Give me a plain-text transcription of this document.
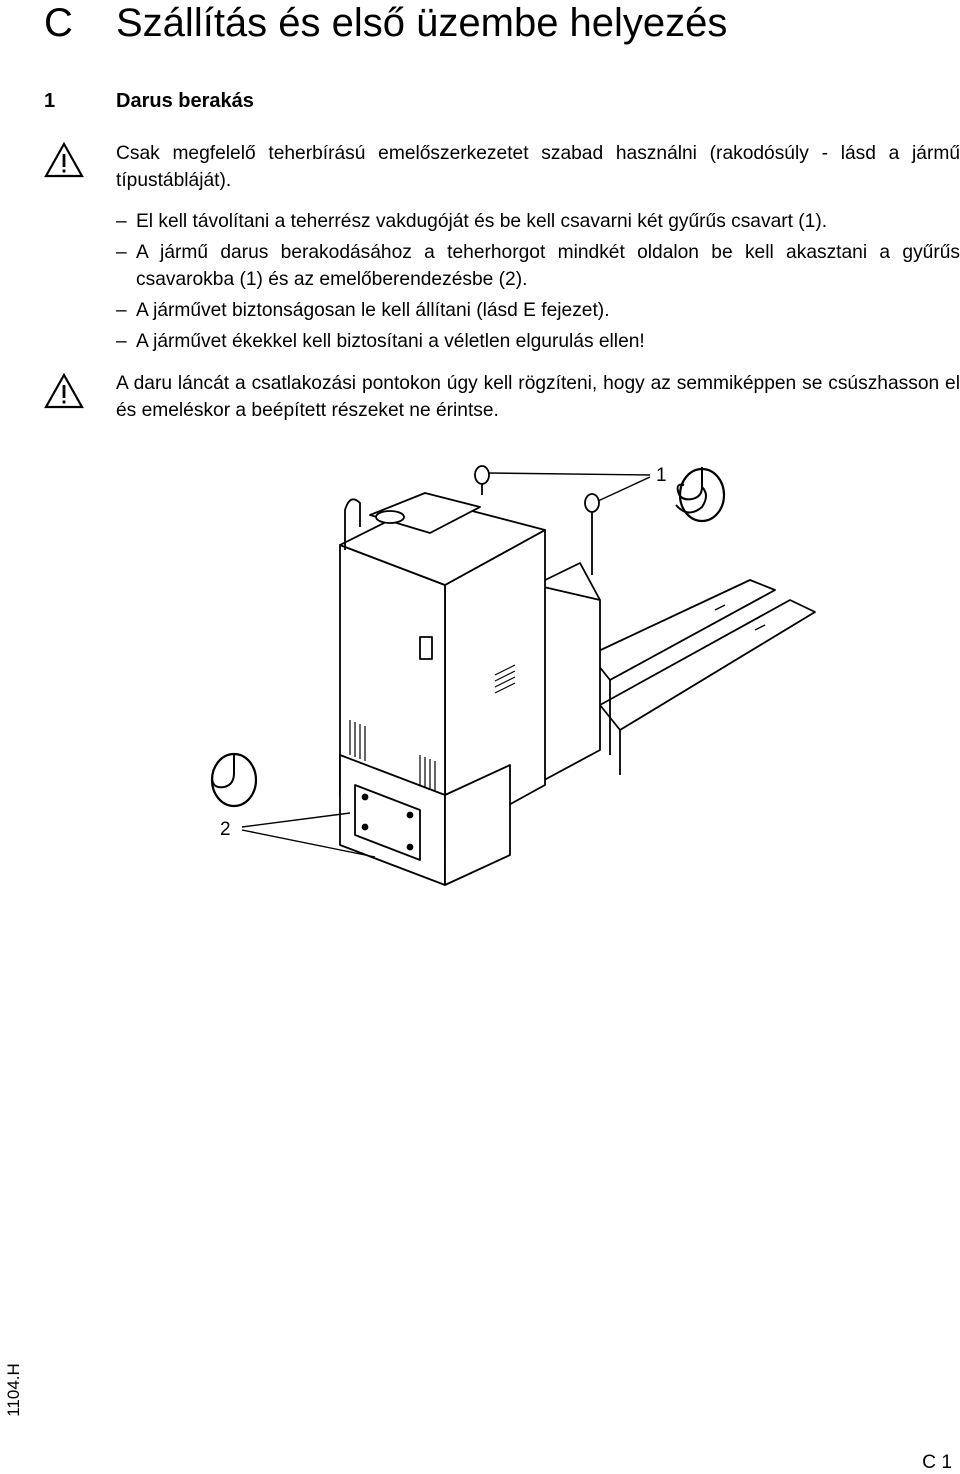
C Szállítás és első üzembe helyezés
1	Darus berakás
Csak megfelelő teherbírású emelőszerkezetet szabad használni (rakodósúly - lásd a jármű típustábláját).
– El kell távolítani a teherrész vakdugóját és be kell csavarni két gyűrűs csavart (1).
– A jármű darus berakodásához a teherhorgot mindkét oldalon be kell akasztani a gyűrűs csavarokba (1) és az emelőberendezésbe (2).
– A járművet biztonságosan le kell állítani (lásd E fejezet).
– A járművet ékekkel kell biztosítani a véletlen elgurulás ellen!
A daru láncát a csatlakozási pontokon úgy kell rögzíteni, hogy az semmiképpen se csúszhasson el és emeléskor a beépített részeket ne érintse.
1
2
1104.H
C 1
